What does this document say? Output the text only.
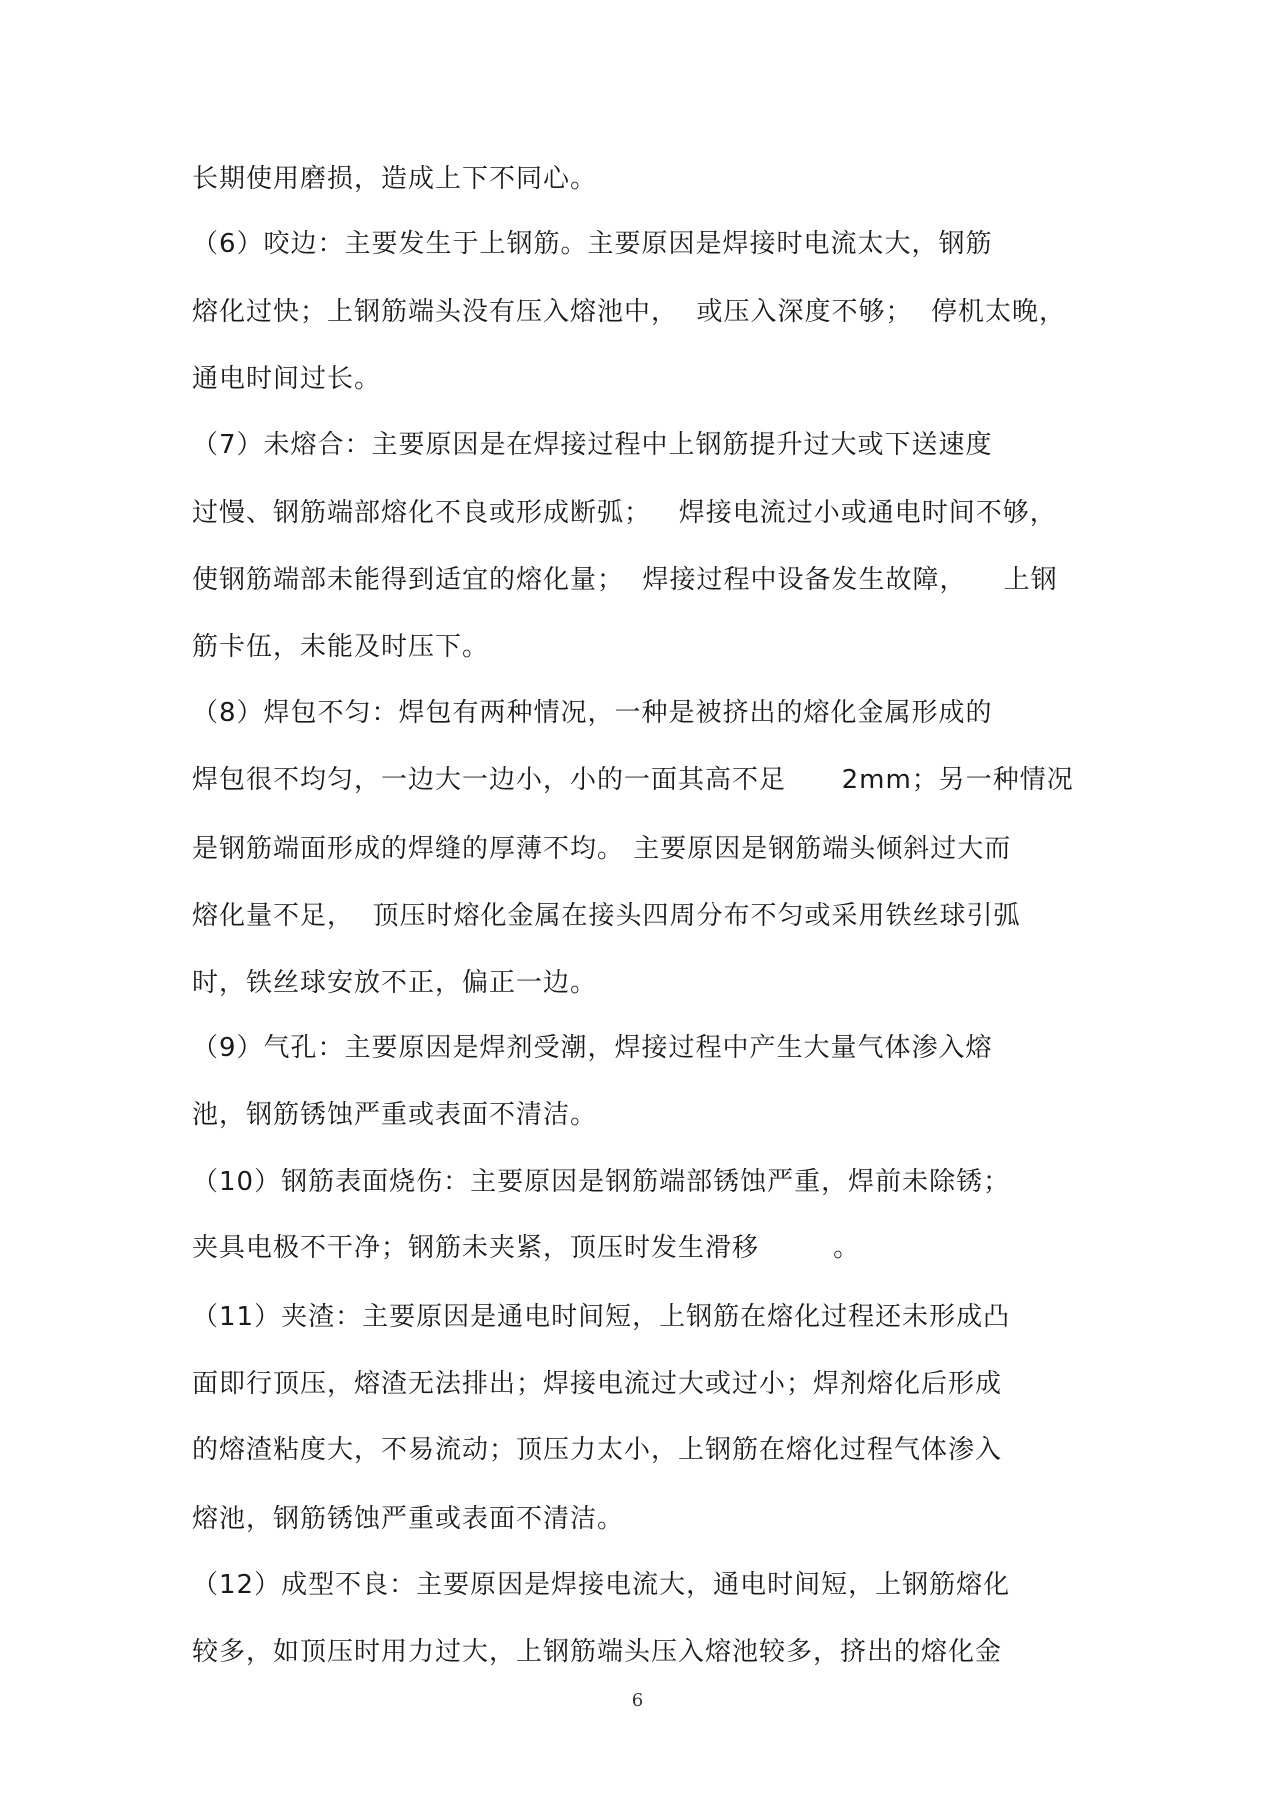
长期使用磨损，造成上下不同心。
（6）咬边：主要发生于上钢筋。主要原因是焊接时电流太大，钢筋
熔化过快；上钢筋端头没有压入熔池中，  或压入深度不够；  停机太晚，
通电时间过长。
（7）未熔合：主要原因是在焊接过程中上钢筋提升过大或下送速度
过慢、钢筋端部熔化不良或形成断弧；   焊接电流过小或通电时间不够，
使钢筋端部未能得到适宜的熔化量；  焊接过程中设备发生故障，    上钢
筋卡伍，未能及时压下。
（8）焊包不匀：焊包有两种情况，一种是被挤出的熔化金属形成的
焊包很不均匀，一边大一边小，小的一面其高不足      2mm；另一种情况
是钢筋端面形成的焊缝的厚薄不均。 主要原因是钢筋端头倾斜过大而
熔化量不足，  顶压时熔化金属在接头四周分布不匀或采用铁丝球引弧
时，铁丝球安放不正，偏正一边。
（9）气孔：主要原因是焊剂受潮，焊接过程中产生大量气体渗入熔
池，钢筋锈蚀严重或表面不清洁。
（10）钢筋表面烧伤：主要原因是钢筋端部锈蚀严重，焊前未除锈；
夹具电极不干净；钢筋未夹紧，顶压时发生滑移        。
（11）夹渣：主要原因是通电时间短，上钢筋在熔化过程还未形成凸
面即行顶压，熔渣无法排出；焊接电流过大或过小；焊剂熔化后形成
的熔渣粘度大，不易流动；顶压力太小，上钢筋在熔化过程气体渗入
熔池，钢筋锈蚀严重或表面不清洁。
（12）成型不良：主要原因是焊接电流大，通电时间短，上钢筋熔化
较多，如顶压时用力过大，上钢筋端头压入熔池较多，挤出的熔化金
6
